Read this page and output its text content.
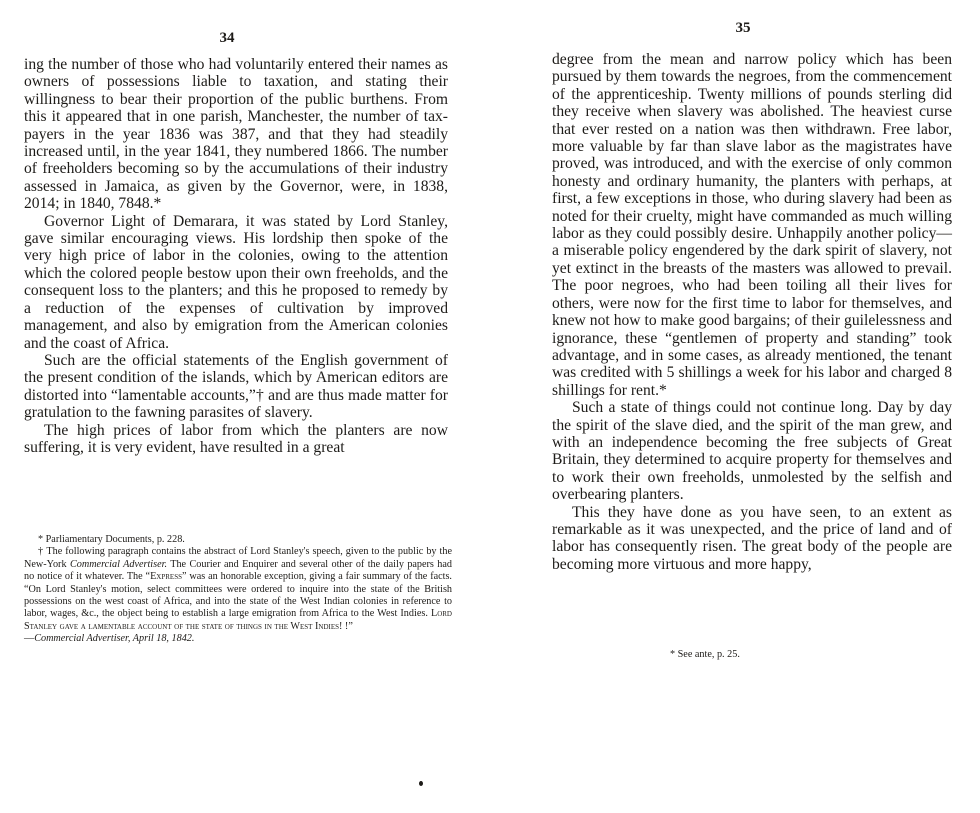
34

ing the number of those who had voluntarily entered their names as owners of possessions liable to taxation, and stating their willingness to bear their proportion of the public burthens. From this it appeared that in one parish, Manchester, the number of tax-payers in the year 1836 was 387, and that they had steadily increased until, in the year 1841, they numbered 1866. The number of freeholders becoming so by the accumulations of their industry assessed in Jamaica, as given by the Governor, were, in 1838, 2014; in 1840, 7848.*

Governor Light of Demarara, it was stated by Lord Stanley, gave similar encouraging views. His lordship then spoke of the very high price of labor in the colonies, owing to the attention which the colored people bestow upon their own freeholds, and the consequent loss to the planters; and this he proposed to remedy by a reduction of the expenses of cultivation by improved management, and also by emigration from the American colonies and the coast of Africa.

Such are the official statements of the English government of the present condition of the islands, which by American editors are distorted into “lamentable accounts,”† and are thus made matter for gratulation to the fawning parasites of slavery.

The high prices of labor from which the planters are now suffering, it is very evident, have resulted in a great

* Parliamentary Documents, p. 228.

† The following paragraph contains the abstract of Lord Stanley's speech, given to the public by the New-York Commercial Advertiser. The Courier and Enquirer and several other of the daily papers had no notice of it whatever. The “Express” was an honorable exception, giving a fair summary of the facts. “On Lord Stanley's motion, select committees were ordered to inquire into the state of the British possessions on the west coast of Africa, and into the state of the West Indian colonies in reference to labor, wages, &c., the object being to establish a large emigration from Africa to the West Indies. Lord Stanley gave a lamentable account of the state of things in the West Indies! !”
—Commercial Advertiser, April 18, 1842.

35

degree from the mean and narrow policy which has been pursued by them towards the negroes, from the commencement of the apprenticeship. Twenty millions of pounds sterling did they receive when slavery was abolished. The heaviest curse that ever rested on a nation was then withdrawn. Free labor, more valuable by far than slave labor as the magistrates have proved, was introduced, and with the exercise of only common honesty and ordinary humanity, the planters with perhaps, at first, a few exceptions in those, who during slavery had been as noted for their cruelty, might have commanded as much willing labor as they could possibly desire. Unhappily another policy—a miserable policy engendered by the dark spirit of slavery, not yet extinct in the breasts of the masters was allowed to prevail. The poor negroes, who had been toiling all their lives for others, were now for the first time to labor for themselves, and knew not how to make good bargains; of their guilelessness and ignorance, these “gentlemen of property and standing” took advantage, and in some cases, as already mentioned, the tenant was credited with 5 shillings a week for his labor and charged 8 shillings for rent.*

Such a state of things could not continue long. Day by day the spirit of the slave died, and the spirit of the man grew, and with an independence becoming the free subjects of Great Britain, they determined to acquire property for themselves and to work their own freeholds, unmolested by the selfish and overbearing planters.

This they have done as you have seen, to an extent as remarkable as it was unexpected, and the price of land and of labor has consequently risen. The great body of the people are becoming more virtuous and more happy,

* See ante, p. 25.
